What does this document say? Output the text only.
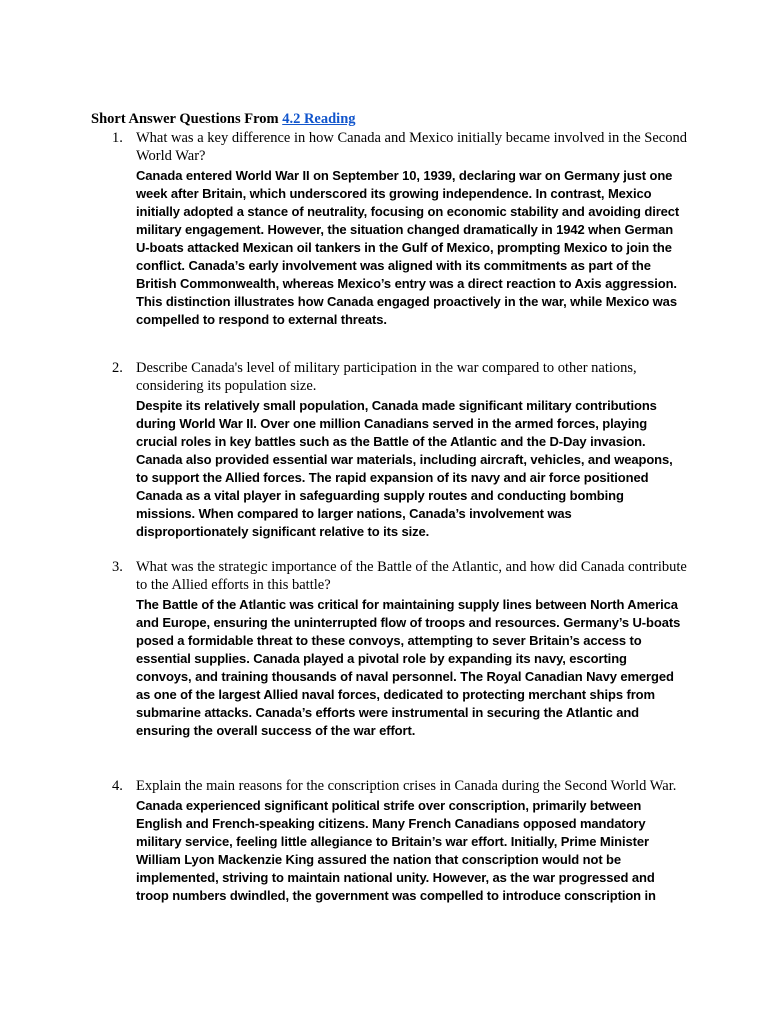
Short Answer Questions From 4.2 Reading
1. What was a key difference in how Canada and Mexico initially became involved in the Second World War?
Canada entered World War II on September 10, 1939, declaring war on Germany just one week after Britain, which underscored its growing independence. In contrast, Mexico initially adopted a stance of neutrality, focusing on economic stability and avoiding direct military engagement. However, the situation changed dramatically in 1942 when German U-boats attacked Mexican oil tankers in the Gulf of Mexico, prompting Mexico to join the conflict. Canada’s early involvement was aligned with its commitments as part of the British Commonwealth, whereas Mexico’s entry was a direct reaction to Axis aggression. This distinction illustrates how Canada engaged proactively in the war, while Mexico was compelled to respond to external threats.
2. Describe Canada's level of military participation in the war compared to other nations, considering its population size.
Despite its relatively small population, Canada made significant military contributions during World War II. Over one million Canadians served in the armed forces, playing crucial roles in key battles such as the Battle of the Atlantic and the D-Day invasion. Canada also provided essential war materials, including aircraft, vehicles, and weapons, to support the Allied forces. The rapid expansion of its navy and air force positioned Canada as a vital player in safeguarding supply routes and conducting bombing missions. When compared to larger nations, Canada’s involvement was disproportionately significant relative to its size.
3. What was the strategic importance of the Battle of the Atlantic, and how did Canada contribute to the Allied efforts in this battle?
The Battle of the Atlantic was critical for maintaining supply lines between North America and Europe, ensuring the uninterrupted flow of troops and resources. Germany’s U-boats posed a formidable threat to these convoys, attempting to sever Britain’s access to essential supplies. Canada played a pivotal role by expanding its navy, escorting convoys, and training thousands of naval personnel. The Royal Canadian Navy emerged as one of the largest Allied naval forces, dedicated to protecting merchant ships from submarine attacks. Canada’s efforts were instrumental in securing the Atlantic and ensuring the overall success of the war effort.
4. Explain the main reasons for the conscription crises in Canada during the Second World War.
Canada experienced significant political strife over conscription, primarily between English and French-speaking citizens. Many French Canadians opposed mandatory military service, feeling little allegiance to Britain’s war effort. Initially, Prime Minister William Lyon Mackenzie King assured the nation that conscription would not be implemented, striving to maintain national unity. However, as the war progressed and troop numbers dwindled, the government was compelled to introduce conscription in
